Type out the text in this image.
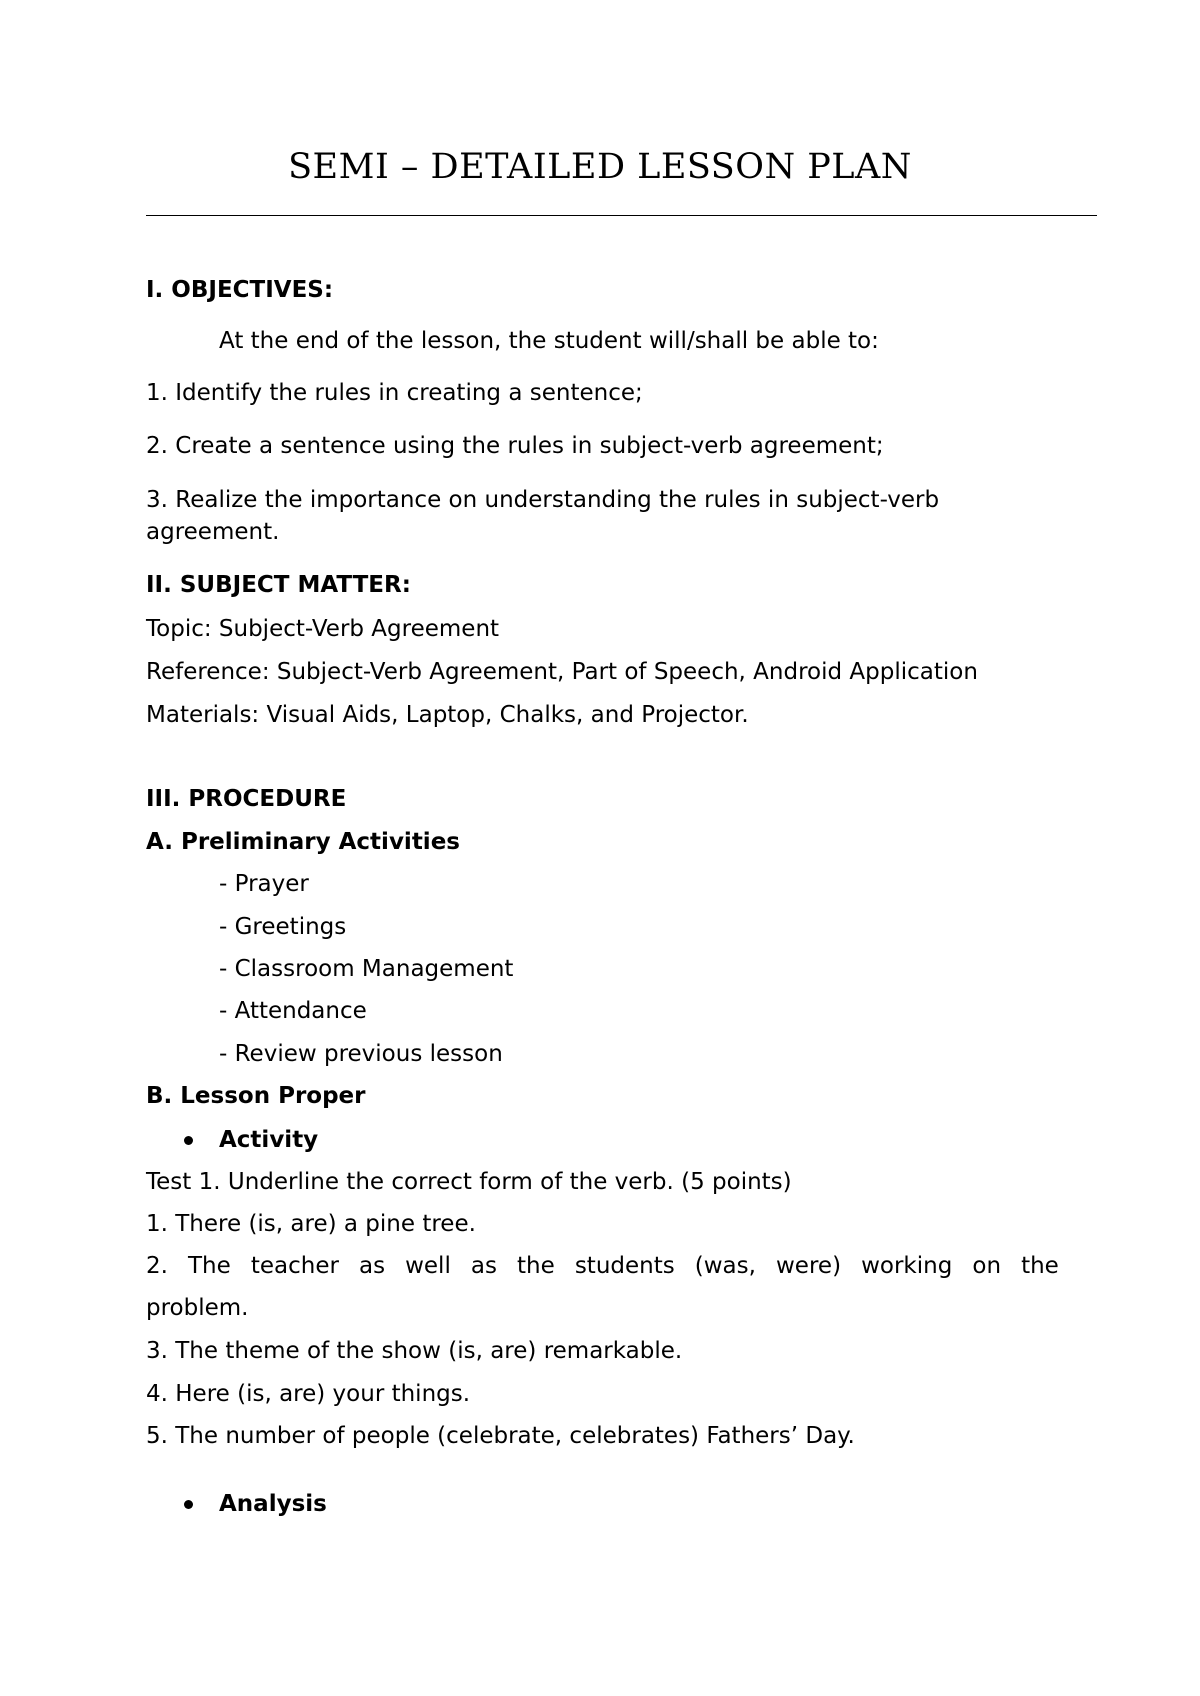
SEMI – DETAILED LESSON PLAN
I. OBJECTIVES:
At the end of the lesson, the student will/shall be able to:
1. Identify the rules in creating a sentence;
2. Create a sentence using the rules in subject-verb agreement;
3. Realize the importance on understanding the rules in subject-verb
agreement.
II. SUBJECT MATTER:
Topic: Subject-Verb Agreement
Reference: Subject-Verb Agreement, Part of Speech, Android Application
Materials: Visual Aids, Laptop, Chalks, and Projector.
III. PROCEDURE
A. Preliminary Activities
- Prayer
- Greetings
- Classroom Management
- Attendance
- Review previous lesson
B. Lesson Proper
Activity
Test 1. Underline the correct form of the verb. (5 points)
1. There (is, are) a pine tree.
2. The teacher as well as the students (was, were) working on the
problem.
3. The theme of the show (is, are) remarkable.
4. Here (is, are) your things.
5. The number of people (celebrate, celebrates) Fathers’ Day.
Analysis
